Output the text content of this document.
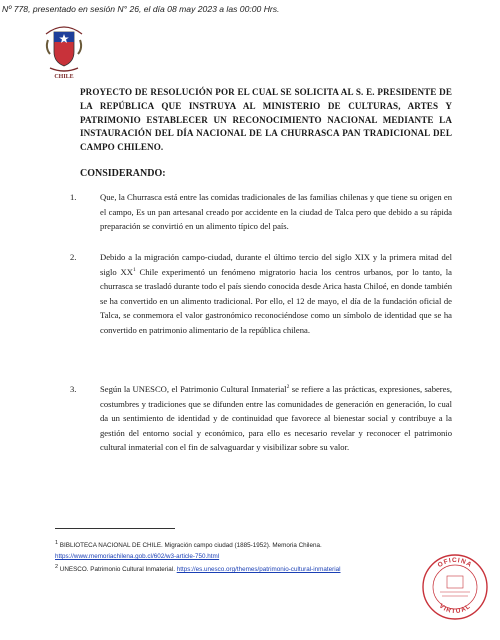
Nº 778, presentado en sesión N° 26, el día 08 may 2023 a las 00:00 Hrs.
CHILE
PROYECTO DE RESOLUCIÓN POR EL CUAL SE SOLICITA AL S. E. PRESIDENTE DE LA REPÚBLICA QUE INSTRUYA AL MINISTERIO DE CULTURAS, ARTES Y PATRIMONIO ESTABLECER UN RECONOCIMIENTO NACIONAL MEDIANTE LA INSTAURACIÓN DEL DÍA NACIONAL DE LA CHURRASCA PAN TRADICIONAL DEL CAMPO CHILENO.
CONSIDERANDO:
1.	Que, la Churrasca está entre las comidas tradicionales de las familias chilenas y que tiene su origen en el campo, Es un pan artesanal creado por accidente en la ciudad de Talca pero que debido a su rápida preparación se convirtió en un alimento típico del país.
2.	Debido a la migración campo-ciudad, durante el último tercio del siglo XIX y la primera mitad del siglo $XX^1$ Chile experimentó un fenómeno migratorio hacia los centros urbanos, por lo tanto, la churrasca se trasladó durante todo el país siendo conocida desde Arica hasta Chiloé, en donde también se ha convertido en un alimento tradicional. Por ello, el 12 de mayo, el día de la fundación oficial de Talca, se conmemora el valor gastronómico reconociéndose como un símbolo de identidad que se ha convertido en patrimonio alimentario de la república chilena.
3.	Según la UNESCO, el Patrimonio Cultural Inmaterial$^2$ se refiere a las prácticas, expresiones, saberes, costumbres y tradiciones que se difunden entre las comunidades de generación en generación, lo cual da un sentimiento de identidad y de continuidad que favorece al bienestar social y contribuye a la gestión del entorno social y económico, para ello es necesario revelar y reconocer el patrimonio cultural inmaterial con el fin de salvaguardar y visibilizar sobre su valor.
$^1$ BIBLIOTECA NACIONAL DE CHILE. Migración campo ciudad (1885-1952). Memoria Chilena.
https://www.memoriachilena.gob.cl/602/w3-article-750.html
$^2$ UNESCO. Patrimonio Cultural Inmaterial. https://es.unesco.org/themes/patrimonio-cultural-inmaterial
OFICINA
VIRTUAL
